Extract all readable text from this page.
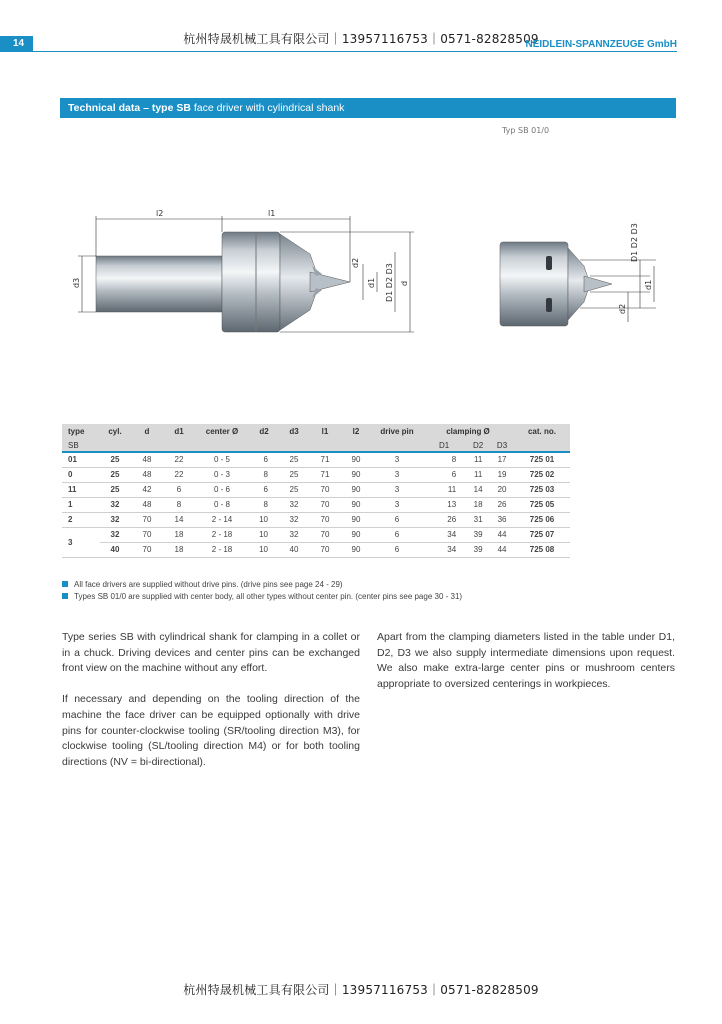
杭州特晟机械工具有限公司｜13957116753｜0571-82828509
14	NEIDLEIN-SPANNZEUGE GmbH
Technical data – type SB face driver with cylindrical shank
Typ SB 01/0
l2	l1
d3
d2
d1 D1 D2 D3 d
D1 D2 D3
d1
d2
type	cyl.	d	d1	center Ø	d2	d3	l1	l2	drive pin	clamping Ø			cat. no.
SB										D1	D2	D3	
01	25	48	22	0 - 5	6	25	71	90	3	8	11	17	725 01
0	25	48	22	0 - 3	8	25	71	90	3	6	11	19	725 02
11	25	42	6	0 - 6	6	25	70	90	3	11	14	20	725 03
1	32	48	8	0 - 8	8	32	70	90	3	13	18	26	725 05
2	32	70	14	2 - 14	10	32	70	90	6	26	31	36	725 06
3	32	70	18	2 - 18	10	32	70	90	6	34	39	44	725 07
	40	70	18	2 - 18	10	40	70	90	6	34	39	44	725 08
All face drivers are supplied without drive pins. (drive pins see page 24 - 29)
Types SB 01/0 are supplied with center body, all other types without center pin. (center pins see page 30 - 31)

Type series SB with cylindrical shank for clamping in a collet or in a chuck. Driving devices and center pins can be exchanged front view on the machine without any effort.

If necessary and depending on the tooling direction of the machine the face driver can be equipped optionally with drive pins for counter-clockwise tooling (SR/tooling direction M3), for clockwise tooling (SL/tooling direction M4) or for both tooling directions (NV = bi-directional).

Apart from the clamping diameters listed in the table under D1, D2, D3 we also supply intermediate dimensions upon request. We also make extra-large center pins or mushroom centers appropriate to oversized centerings in workpieces.

杭州特晟机械工具有限公司｜13957116753｜0571-82828509
